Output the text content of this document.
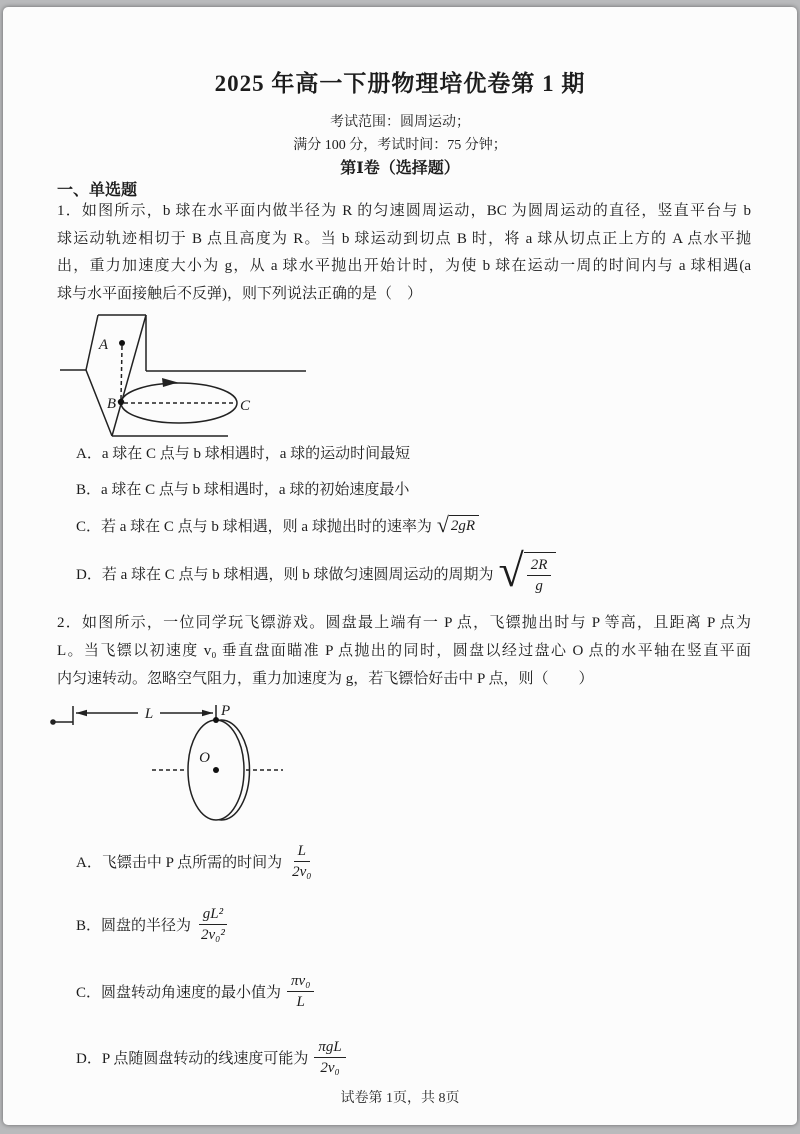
2025 年高一下册物理培优卷第 1 期
考试范围：圆周运动；
满分 100 分，考试时间：75 分钟；
第Ⅰ卷（选择题）
一、单选题
1．如图所示，b 球在水平面内做半径为 R 的匀速圆周运动，BC 为圆周运动的直径，竖直平台与 b
球运动轨迹相切于 B 点且高度为 R。当 b 球运动到切点 B 时，将 a 球从切点正上方的 A 点水平抛
出，重力加速度大小为 g，从 a 球水平抛出开始计时，为使 b 球在运动一周的时间内与 a 球相遇(a
球与水平面接触后不反弹)，则下列说法正确的是（　）
A
B	C
A．a 球在 C 点与 b 球相遇时，a 球的运动时间最短
B．a 球在 C 点与 b 球相遇时，a 球的初始速度最小
C．若 a 球在 C 点与 b 球相遇，则 a 球抛出时的速率为 √ 2gR
D．若 a 球在 C 点与 b 球相遇，则 b 球做匀速圆周运动的周期为 √ $\frac{2R}{g}$
2．如图所示，一位同学玩飞镖游戏。圆盘最上端有一 P 点，飞镖抛出时与 P 等高，且距离 P 点为
L。当飞镖以初速度 v₀ 垂直盘面瞄准 P 点抛出的同时，圆盘以经过盘心 O 点的水平轴在竖直平面
内匀速转动。忽略空气阻力，重力加速度为 g，若飞镖恰好击中 P 点，则（　　）
L	P
O
A．飞镖击中 P 点所需的时间为 $\frac{L}{\text{2v₀}}$
B．圆盘的半径为 $\frac{\text{gL²}}{\text{2v₀²}}$
C．圆盘转动角速度的最小值为 $\frac{\text{πv₀}}{L}$
D．P 点随圆盘转动的线速度可能为 $\frac{\text{πgL}}{\text{2v₀}}$
试卷第 1页，共 8页
